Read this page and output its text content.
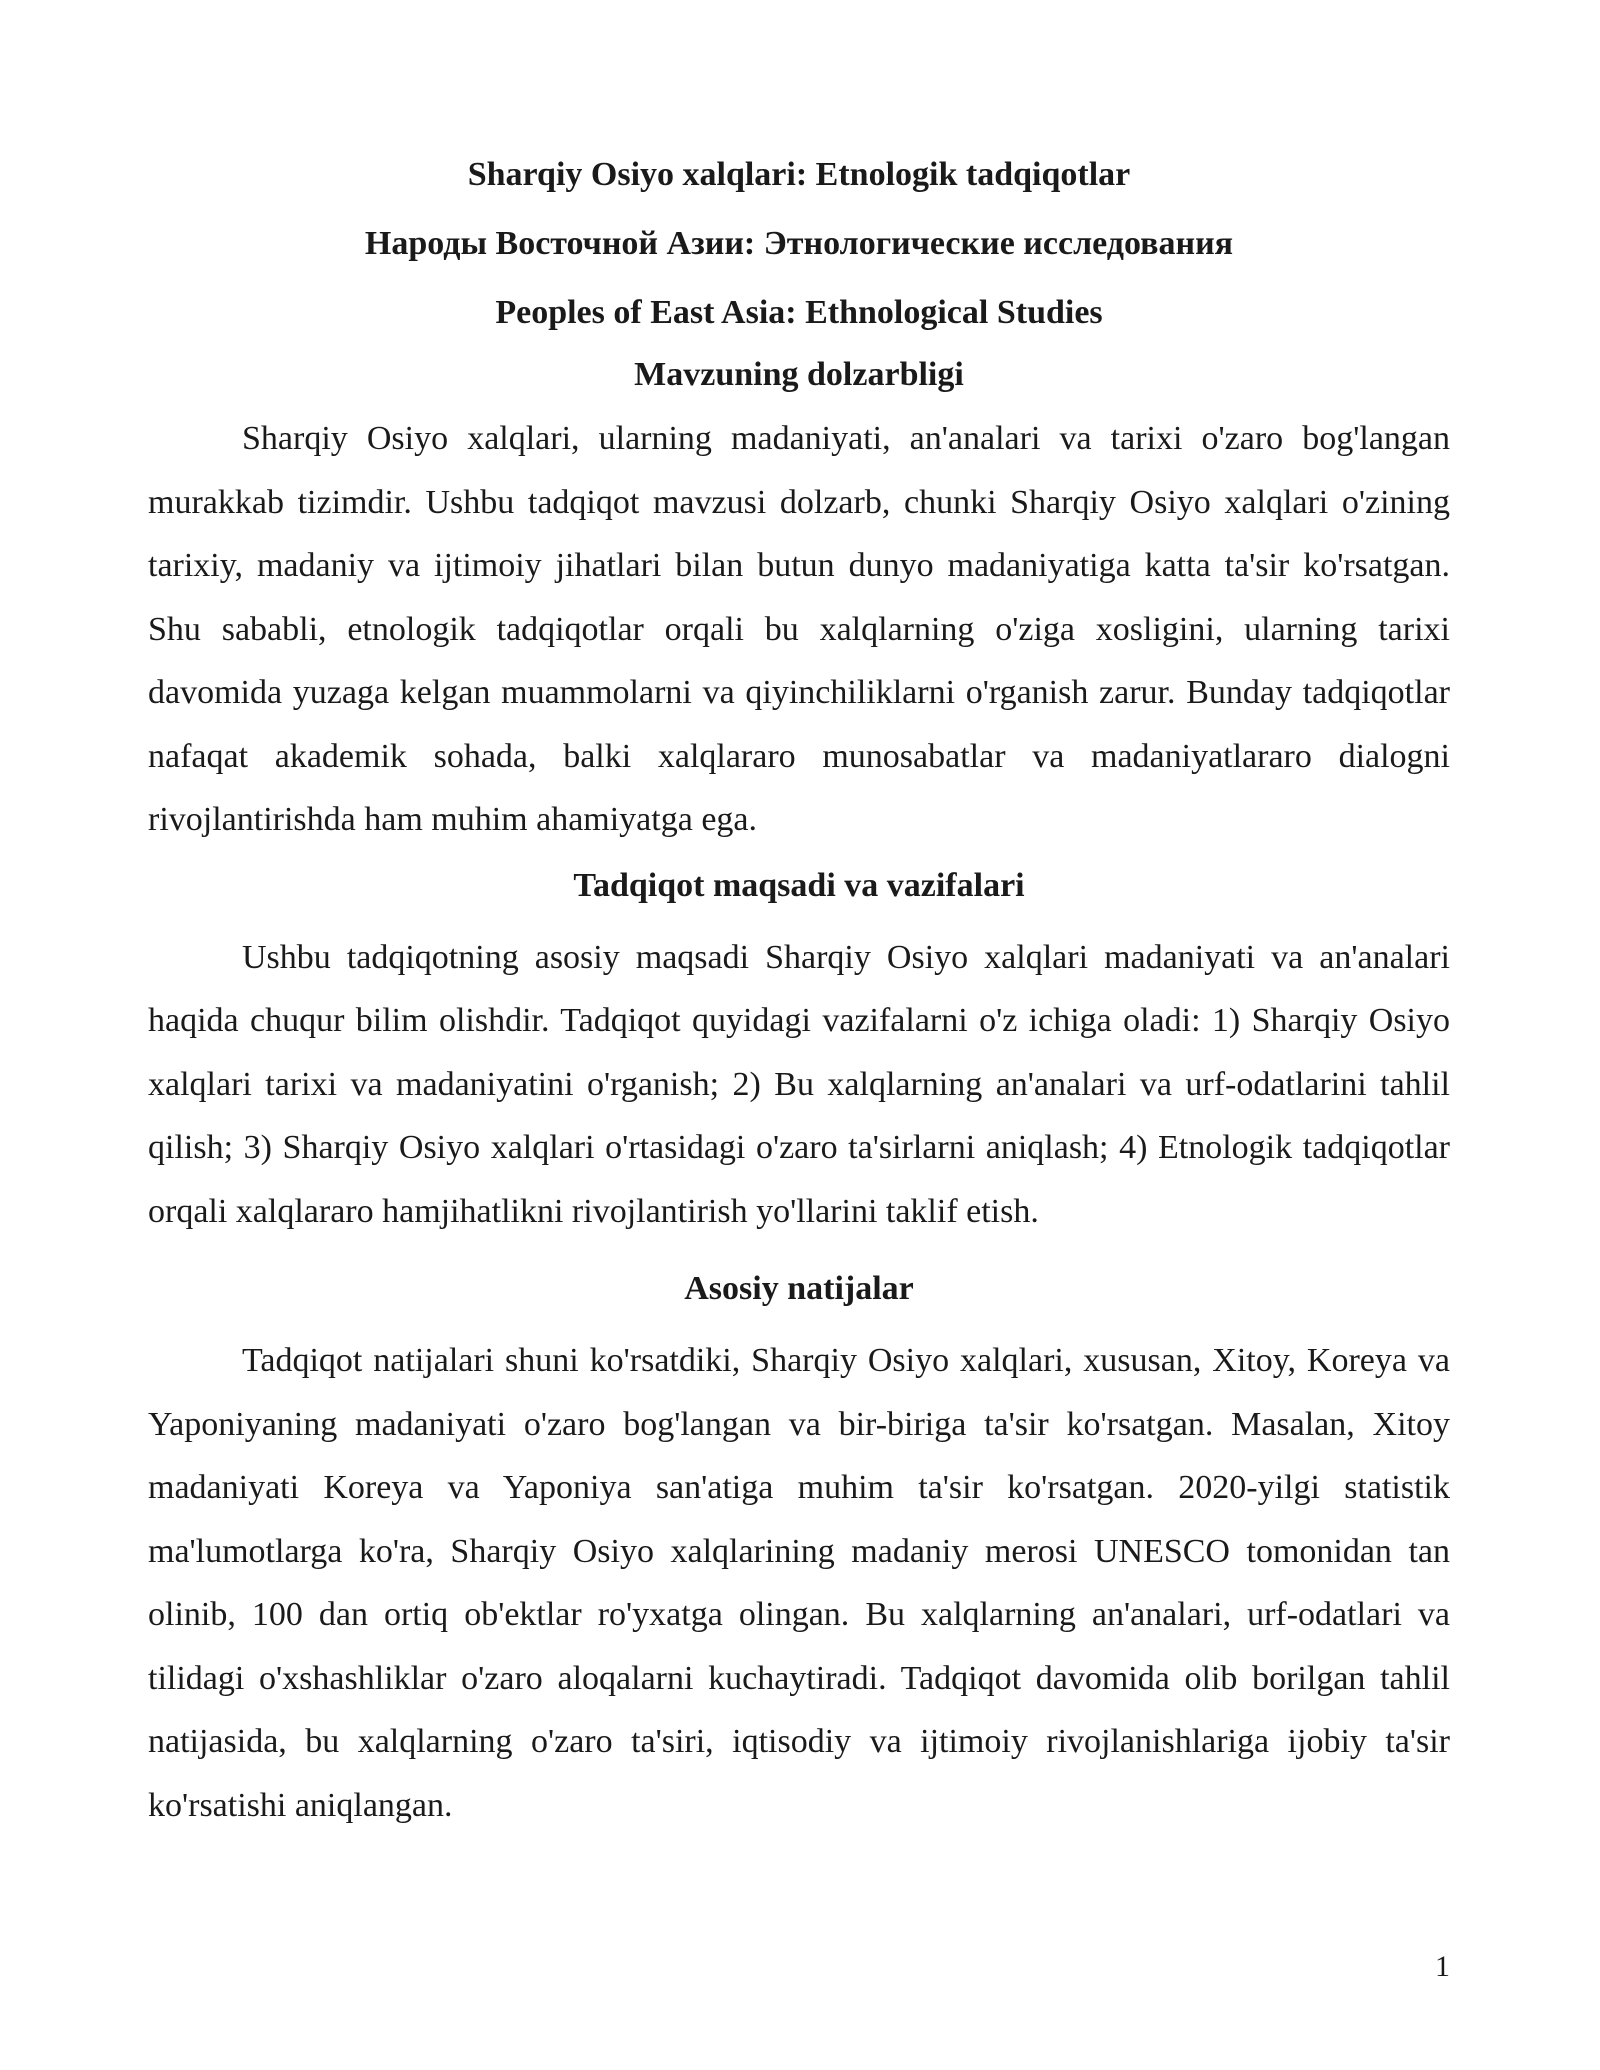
Sharqiy Osiyo xalqlari: Etnologik tadqiqotlar

Народы Восточной Азии: Этнологические исследования

Peoples of East Asia: Ethnological Studies

Mavzuning dolzarbligi

Sharqiy Osiyo xalqlari, ularning madaniyati, an'analari va tarixi o'zaro bog'langan murakkab tizimdir. Ushbu tadqiqot mavzusi dolzarb, chunki Sharqiy Osiyo xalqlari o'zining tarixiy, madaniy va ijtimoiy jihatlari bilan butun dunyo madaniyatiga katta ta'sir ko'rsatgan. Shu sababli, etnologik tadqiqotlar orqali bu xalqlarning o'ziga xosligini, ularning tarixi davomida yuzaga kelgan muammolarni va qiyinchiliklarni o'rganish zarur. Bunday tadqiqotlar nafaqat akademik sohada, balki xalqlararo munosabatlar va madaniyatlararo dialogni rivojlantirishda ham muhim ahamiyatga ega.

Tadqiqot maqsadi va vazifalari

Ushbu tadqiqotning asosiy maqsadi Sharqiy Osiyo xalqlari madaniyati va an'analari haqida chuqur bilim olishdir. Tadqiqot quyidagi vazifalarni o'z ichiga oladi: 1) Sharqiy Osiyo xalqlari tarixi va madaniyatini o'rganish; 2) Bu xalqlarning an'analari va urf-odatlarini tahlil qilish; 3) Sharqiy Osiyo xalqlari o'rtasidagi o'zaro ta'sirlarni aniqlash; 4) Etnologik tadqiqotlar orqali xalqlararo hamjihatlikni rivojlantirish yo'llarini taklif etish.

Asosiy natijalar

Tadqiqot natijalari shuni ko'rsatdiki, Sharqiy Osiyo xalqlari, xususan, Xitoy, Koreya va Yaponiyaning madaniyati o'zaro bog'langan va bir-biriga ta'sir ko'rsatgan. Masalan, Xitoy madaniyati Koreya va Yaponiya san'atiga muhim ta'sir ko'rsatgan. 2020-yilgi statistik ma'lumotlarga ko'ra, Sharqiy Osiyo xalqlarining madaniy merosi UNESCO tomonidan tan olinib, 100 dan ortiq ob'ektlar ro'yxatga olingan. Bu xalqlarning an'analari, urf-odatlari va tilidagi o'xshashliklar o'zaro aloqalarni kuchaytiradi. Tadqiqot davomida olib borilgan tahlil natijasida, bu xalqlarning o'zaro ta'siri, iqtisodiy va ijtimoiy rivojlanishlariga ijobiy ta'sir ko'rsatishi aniqlangan.

1
